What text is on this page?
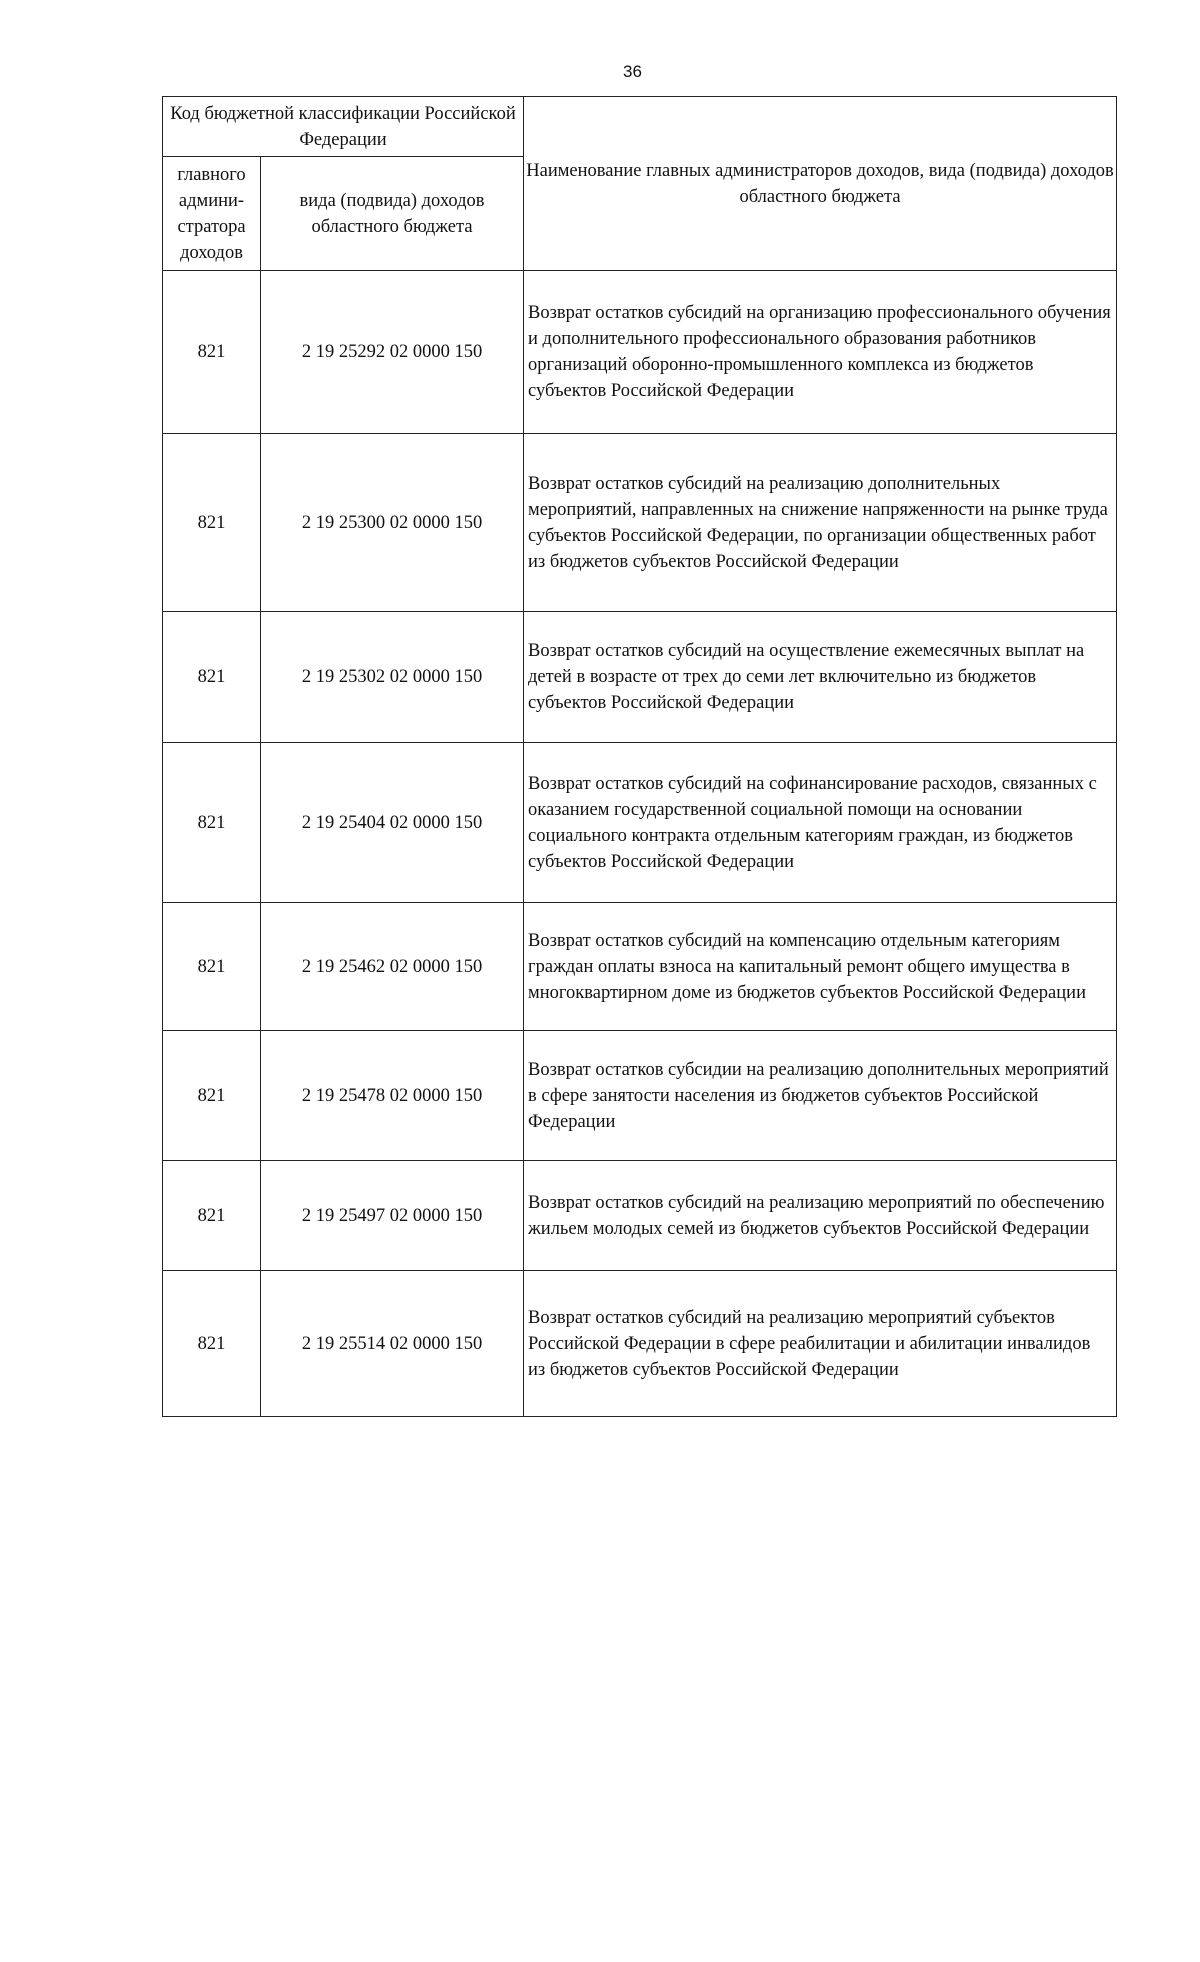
36
Код бюджетной классификации Российской Федерации		Наименование главных администраторов доходов, вида (подвида) доходов областного бюджета
главного админи-стратора доходов	вида (подвида) доходов областного бюджета	
821	2 19 25292 02 0000 150	Возврат остатков субсидий на организацию профессионального обучения и дополнительного профессионального образования работников организаций оборонно-промышленного комплекса из бюджетов субъектов Российской Федерации
821	2 19 25300 02 0000 150	Возврат остатков субсидий на реализацию дополнительных мероприятий, направленных на снижение напряженности на рынке труда субъектов Российской Федерации, по организации общественных работ из бюджетов субъектов Российской Федерации
821	2 19 25302 02 0000 150	Возврат остатков субсидий на осуществление ежемесячных выплат на детей в возрасте от трех до семи лет включительно из бюджетов субъектов Российской Федерации
821	2 19 25404 02 0000 150	Возврат остатков субсидий на софинансирование расходов, связанных с оказанием государственной социальной помощи на основании социального контракта отдельным категориям граждан, из бюджетов субъектов Российской Федерации
821	2 19 25462 02 0000 150	Возврат остатков субсидий на компенсацию отдельным категориям граждан оплаты взноса на капитальный ремонт общего имущества в многоквартирном доме из бюджетов субъектов Российской Федерации
821	2 19 25478 02 0000 150	Возврат остатков субсидии на реализацию дополнительных мероприятий в сфере занятости населения из бюджетов субъектов Российской Федерации
821	2 19 25497 02 0000 150	Возврат остатков субсидий на реализацию мероприятий по обеспечению жильем молодых семей из бюджетов субъектов Российской Федерации
821	2 19 25514 02 0000 150	Возврат остатков субсидий на реализацию мероприятий субъектов Российской Федерации в сфере реабилитации и абилитации инвалидов из бюджетов субъектов Российской Федерации
